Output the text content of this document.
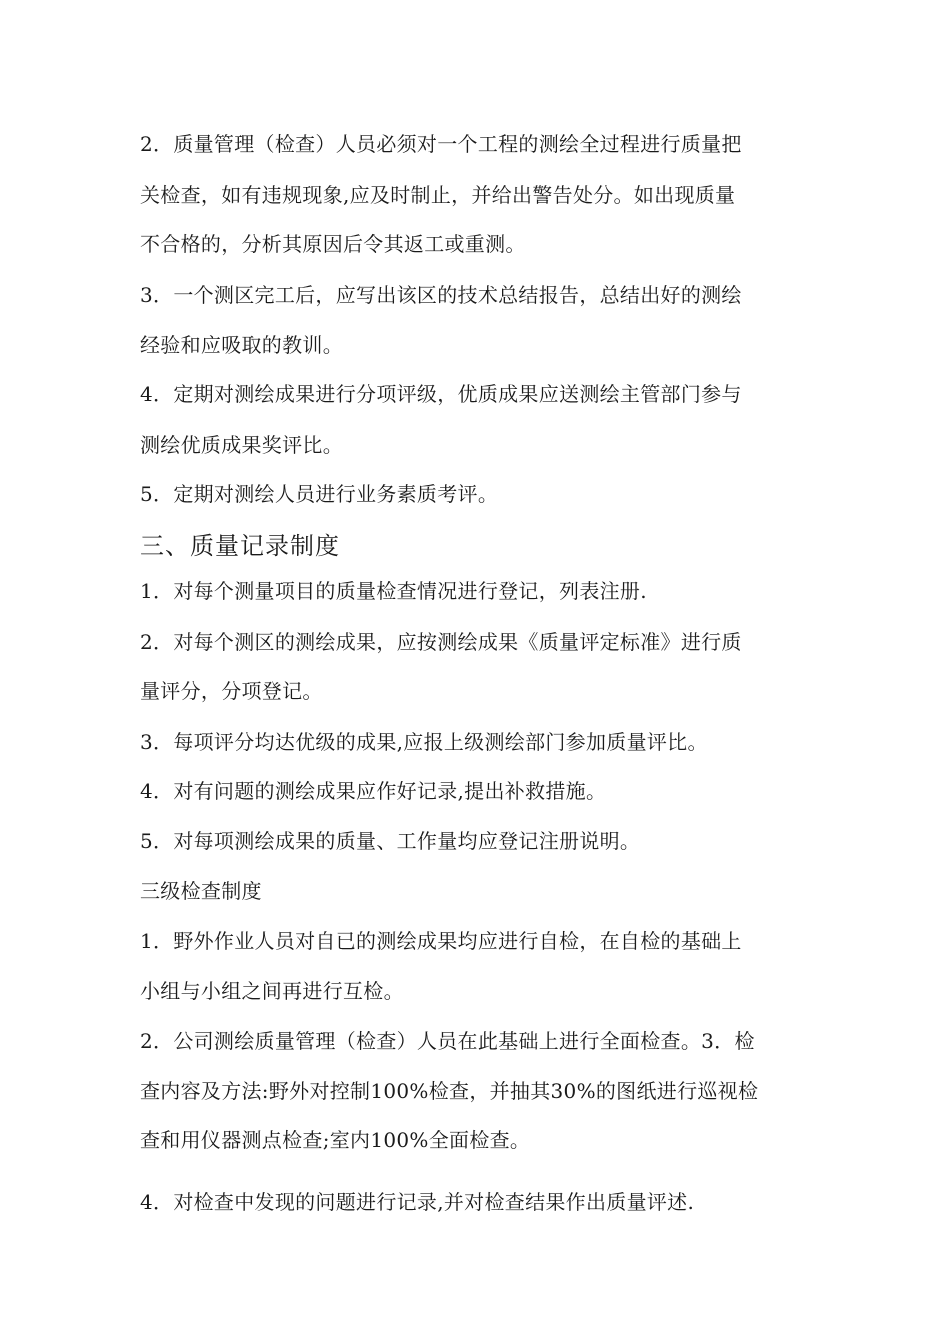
2．质量管理（检查）人员必须对一个工程的测绘全过程进行质量把
关检查，如有违规现象,应及时制止，并给出警告处分。如出现质量
不合格的，分析其原因后令其返工或重测。
3．一个测区完工后，应写出该区的技术总结报告，总结出好的测绘
经验和应吸取的教训。
4．定期对测绘成果进行分项评级，优质成果应送测绘主管部门参与
测绘优质成果奖评比。
5．定期对测绘人员进行业务素质考评。
三、质量记录制度
1．对每个测量项目的质量检查情况进行登记，列表注册.
2．对每个测区的测绘成果，应按测绘成果《质量评定标准》进行质
量评分，分项登记。
3．每项评分均达优级的成果,应报上级测绘部门参加质量评比。
4．对有问题的测绘成果应作好记录,提出补救措施。
5．对每项测绘成果的质量、工作量均应登记注册说明。
三级检查制度
1．野外作业人员对自已的测绘成果均应进行自检，在自检的基础上
小组与小组之间再进行互检。
2．公司测绘质量管理（检查）人员在此基础上进行全面检查。3．检
查内容及方法:野外对控制100%检查，并抽其30%的图纸进行巡视检
查和用仪器测点检查;室内100%全面检查。
4．对检查中发现的问题进行记录,并对检查结果作出质量评述.
